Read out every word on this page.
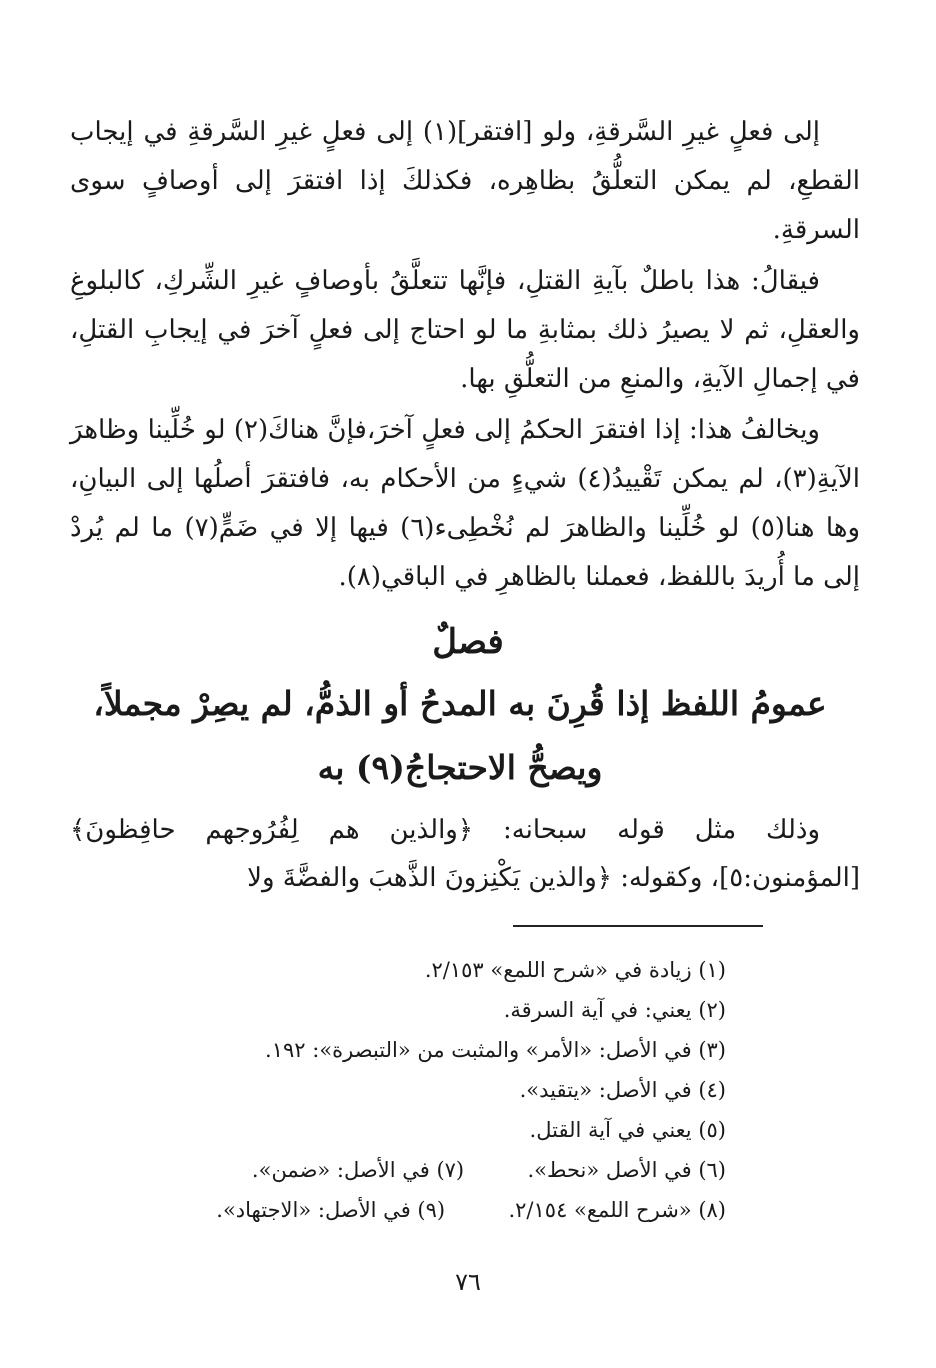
إلى فعلٍ غيرِ السَّرقةِ، ولو [افتقر](١) إلى فعلٍ غيرِ السَّرقةِ في إيجاب القطعِ، لم يمكن التعلُّقُ بظاهِره، فكذلكَ إذا افتقرَ إلى أوصافٍ سوى السرقةِ.

فيقالُ: هذا باطلٌ بآيةِ القتلِ، فإنَّها تتعلَّقُ بأوصافٍ غيرِ الشِّركِ، كالبلوغِ والعقلِ، ثم لا يصيرُ ذلك بمثابةِ ما لو احتاج إلى فعلٍ آخرَ في إيجابِ القتلِ، في إجمالِ الآيةِ، والمنعِ من التعلُّقِ بها.

ويخالفُ هذا: إذا افتقرَ الحكمُ إلى فعلٍ آخرَ،فإنَّ هناكَ(٢) لو خُلِّينا وظاهرَ الآيةِ(٣)، لم يمكن تَقْييدُ(٤) شيءٍ من الأحكام به، فافتقرَ أصلُها إلى البيانِ، وها هنا(٥) لو خُلِّينا والظاهرَ لم نُخْطِىء(٦) فيها إلا في ضَمٍّ(٧) ما لم يُردْ إلى ما أُريدَ باللفظ، فعملنا بالظاهرِ في الباقي(٨).

فصلٌ
عمومُ اللفظ إذا قُرِنَ به المدحُ أو الذمُّ، لم يصِرْ مجملاً،
ويصحُّ الاحتجاجُ(٩) به

وذلك مثل قوله سبحانه: ﴿والذين هم لِفُرُوجهم حافِظونَ﴾ [المؤمنون:٥]، وكقوله: ﴿والذين يَكْنِزونَ الذَّهبَ والفضَّةَ ولا

(١) زيادة في «شرح اللمع» ٢/١٥٣.
(٢) يعني: في آية السرقة.
(٣) في الأصل: «الأمر» والمثبت من «التبصرة»: ١٩٢.
(٤) في الأصل: «يتقيد».
(٥) يعني في آية القتل.
(٦) في الأصل «نحط».  (٧) في الأصل: «ضمن».
(٨) «شرح اللمع» ٢/١٥٤.  (٩) في الأصل: «الاجتهاد».
٧٦
